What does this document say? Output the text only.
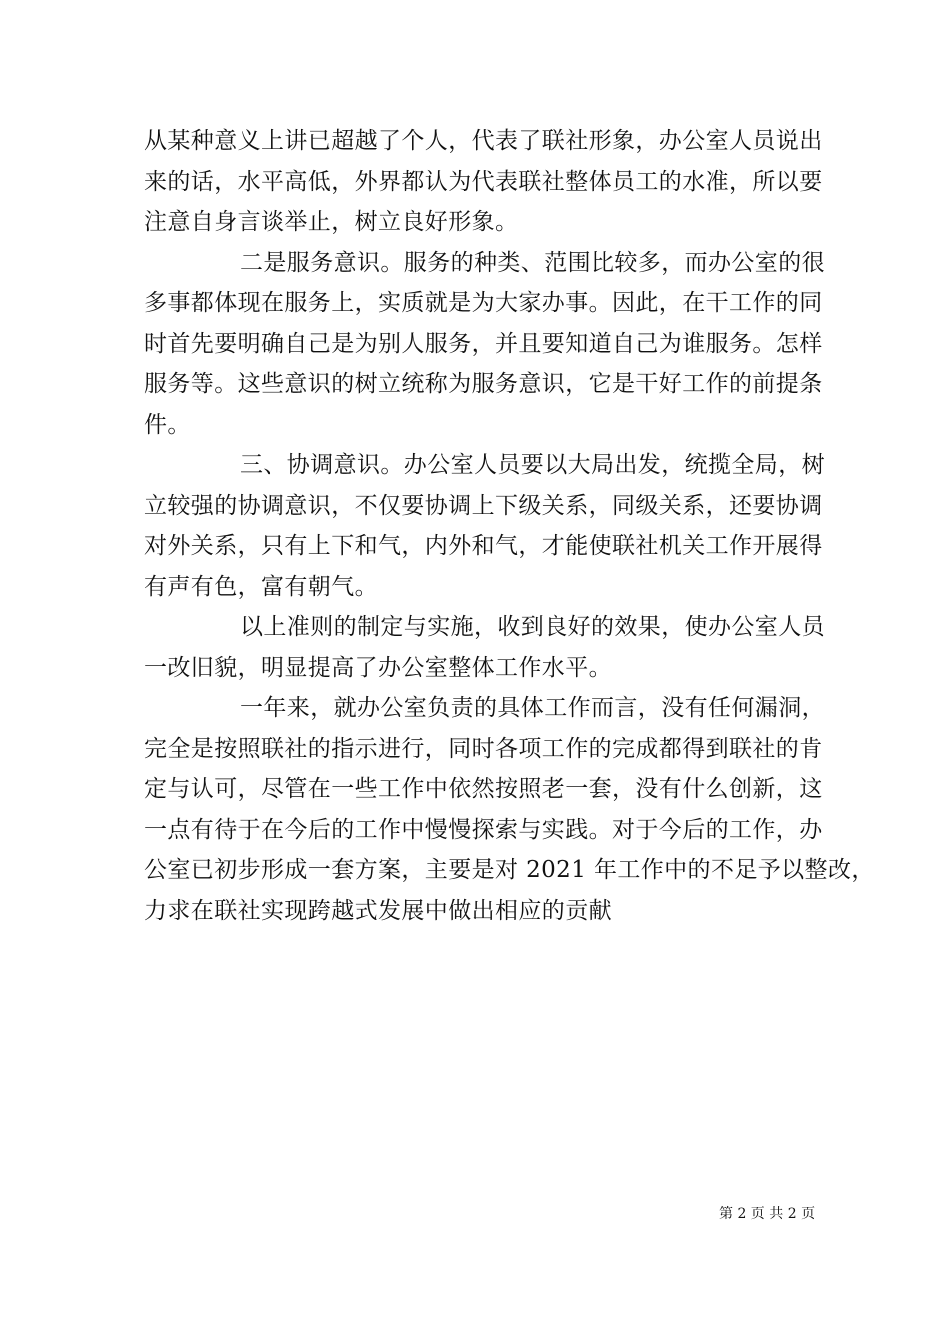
从某种意义上讲已超越了个人，代表了联社形象，办公室人员说出
来的话，水平高低，外界都认为代表联社整体员工的水准，所以要
注意自身言谈举止，树立良好形象。
二是服务意识。服务的种类、范围比较多，而办公室的很
多事都体现在服务上，实质就是为大家办事。因此，在干工作的同
时首先要明确自己是为别人服务，并且要知道自己为谁服务。怎样
服务等。这些意识的树立统称为服务意识，它是干好工作的前提条
件。
三、协调意识。办公室人员要以大局出发，统揽全局，树
立较强的协调意识，不仅要协调上下级关系，同级关系，还要协调
对外关系，只有上下和气，内外和气，才能使联社机关工作开展得
有声有色，富有朝气。
以上准则的制定与实施，收到良好的效果，使办公室人员
一改旧貌，明显提高了办公室整体工作水平。
一年来，就办公室负责的具体工作而言，没有任何漏洞，
完全是按照联社的指示进行，同时各项工作的完成都得到联社的肯
定与认可，尽管在一些工作中依然按照老一套，没有什么创新，这
一点有待于在今后的工作中慢慢探索与实践。对于今后的工作，办
公室已初步形成一套方案，主要是对 2021 年工作中的不足予以整改，
力求在联社实现跨越式发展中做出相应的贡献
第 2 页 共 2 页
